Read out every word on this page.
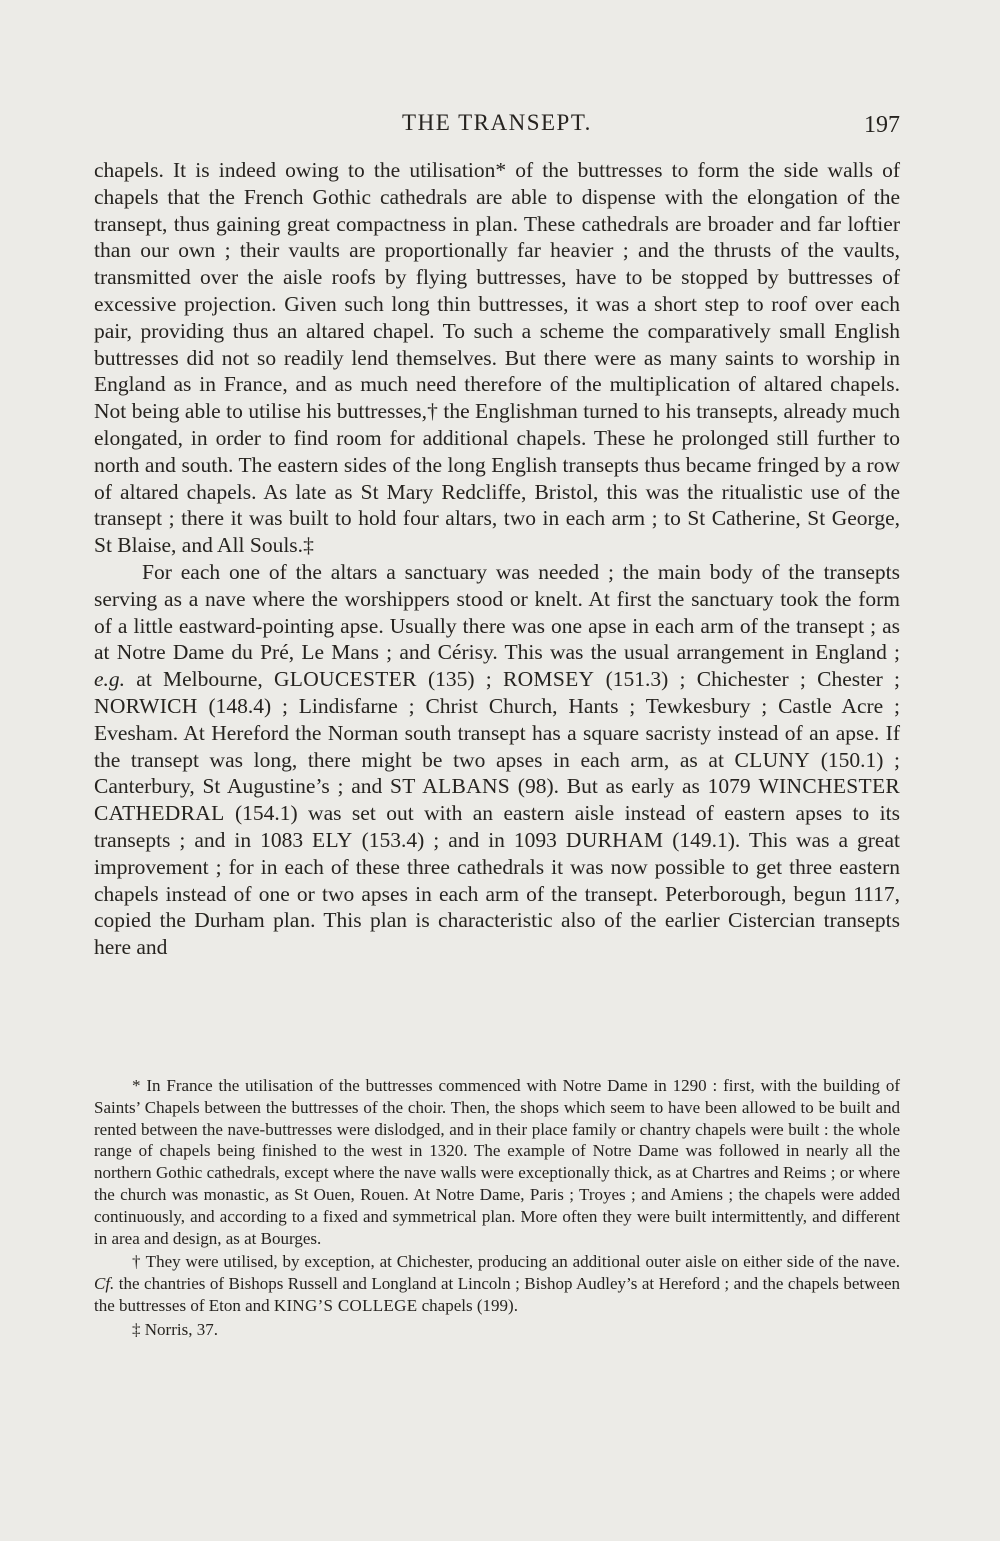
THE TRANSEPT.	197

chapels. It is indeed owing to the utilisation* of the buttresses to form the side walls of chapels that the French Gothic cathedrals are able to dispense with the elongation of the transept, thus gaining great compactness in plan. These cathedrals are broader and far loftier than our own ; their vaults are proportionally far heavier ; and the thrusts of the vaults, transmitted over the aisle roofs by flying buttresses, have to be stopped by buttresses of excessive projection. Given such long thin buttresses, it was a short step to roof over each pair, providing thus an altared chapel. To such a scheme the comparatively small English buttresses did not so readily lend themselves. But there were as many saints to worship in England as in France, and as much need therefore of the multiplication of altared chapels. Not being able to utilise his buttresses,† the Englishman turned to his transepts, already much elongated, in order to find room for additional chapels. These he prolonged still further to north and south. The eastern sides of the long English transepts thus became fringed by a row of altared chapels. As late as St Mary Redcliffe, Bristol, this was the ritualistic use of the transept ; there it was built to hold four altars, two in each arm ; to St Catherine, St George, St Blaise, and All Souls.‡

For each one of the altars a sanctuary was needed ; the main body of the transepts serving as a nave where the worshippers stood or knelt. At first the sanctuary took the form of a little eastward-pointing apse. Usually there was one apse in each arm of the transept ; as at Notre Dame du Pré, Le Mans ; and Cérisy. This was the usual arrangement in England ; e.g. at Melbourne, GLOUCESTER (135) ; ROMSEY (151.3) ; Chichester ; Chester ; NORWICH (148.4) ; Lindisfarne ; Christ Church, Hants ; Tewkesbury ; Castle Acre ; Evesham. At Hereford the Norman south transept has a square sacristy instead of an apse. If the transept was long, there might be two apses in each arm, as at CLUNY (150.1) ; Canterbury, St Augustine’s ; and ST ALBANS (98). But as early as 1079 WINCHESTER CATHEDRAL (154.1) was set out with an eastern aisle instead of eastern apses to its transepts ; and in 1083 ELY (153.4) ; and in 1093 DURHAM (149.1). This was a great improvement ; for in each of these three cathedrals it was now possible to get three eastern chapels instead of one or two apses in each arm of the transept. Peterborough, begun 1117, copied the Durham plan. This plan is characteristic also of the earlier Cistercian transepts here and

* In France the utilisation of the buttresses commenced with Notre Dame in 1290 : first, with the building of Saints’ Chapels between the buttresses of the choir. Then, the shops which seem to have been allowed to be built and rented between the nave-buttresses were dislodged, and in their place family or chantry chapels were built : the whole range of chapels being finished to the west in 1320. The example of Notre Dame was followed in nearly all the northern Gothic cathedrals, except where the nave walls were exceptionally thick, as at Chartres and Reims ; or where the church was monastic, as St Ouen, Rouen. At Notre Dame, Paris ; Troyes ; and Amiens ; the chapels were added continuously, and according to a fixed and symmetrical plan. More often they were built intermittently, and different in area and design, as at Bourges.

† They were utilised, by exception, at Chichester, producing an additional outer aisle on either side of the nave. Cf. the chantries of Bishops Russell and Longland at Lincoln ; Bishop Audley’s at Hereford ; and the chapels between the buttresses of Eton and KING’S COLLEGE chapels (199).

‡ Norris, 37.
